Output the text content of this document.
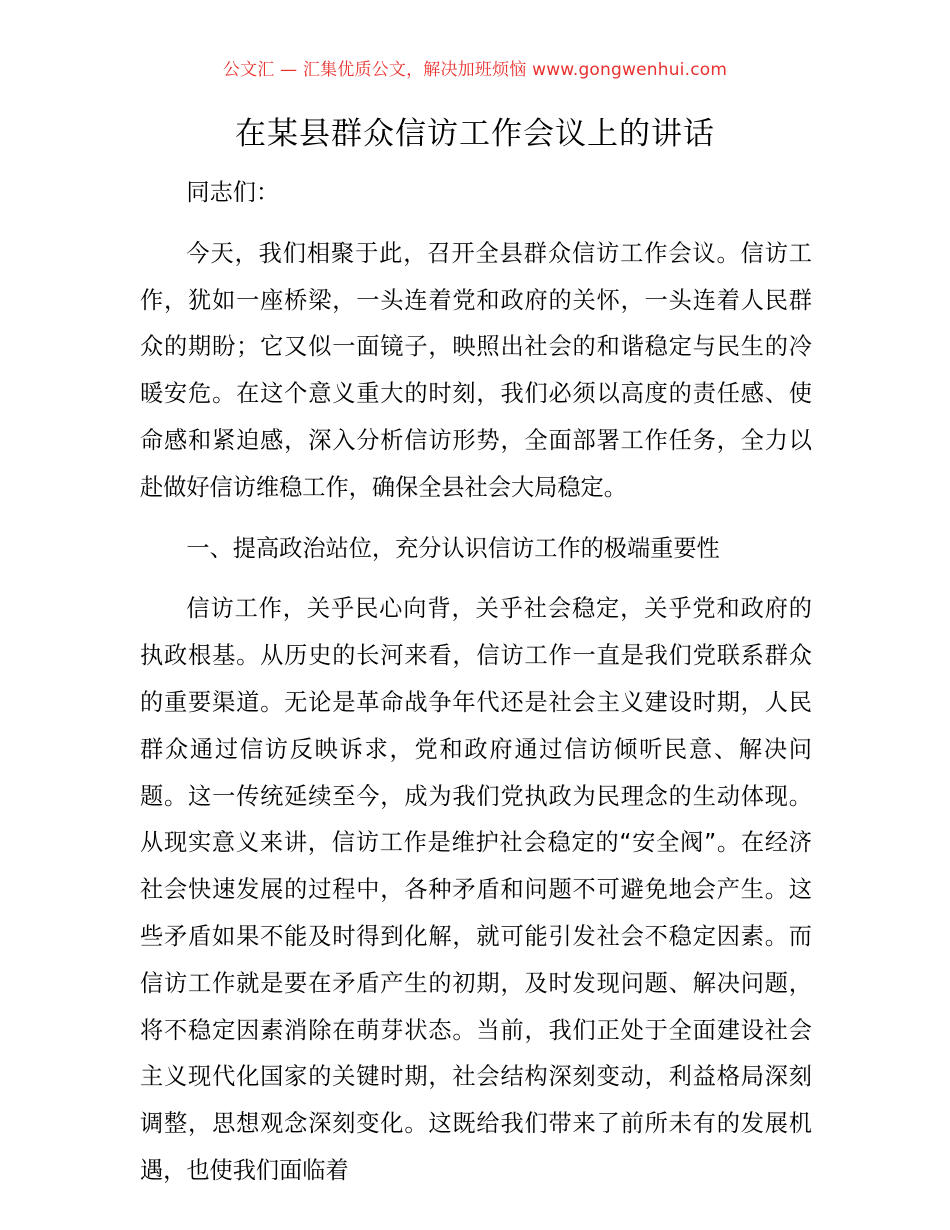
公文汇 — 汇集优质公文，解决加班烦恼 www.gongwenhui.com
在某县群众信访工作会议上的讲话

同志们：

今天，我们相聚于此，召开全县群众信访工作会议。信访工作，犹如一座桥梁，一头连着党和政府的关怀，一头连着人民群众的期盼；它又似一面镜子，映照出社会的和谐稳定与民生的冷暖安危。在这个意义重大的时刻，我们必须以高度的责任感、使命感和紧迫感，深入分析信访形势，全面部署工作任务，全力以赴做好信访维稳工作，确保全县社会大局稳定。

一、提高政治站位，充分认识信访工作的极端重要性

信访工作，关乎民心向背，关乎社会稳定，关乎党和政府的执政根基。从历史的长河来看，信访工作一直是我们党联系群众的重要渠道。无论是革命战争年代还是社会主义建设时期，人民群众通过信访反映诉求，党和政府通过信访倾听民意、解决问题。这一传统延续至今，成为我们党执政为民理念的生动体现。从现实意义来讲，信访工作是维护社会稳定的“安全阀”。在经济社会快速发展的过程中，各种矛盾和问题不可避免地会产生。这些矛盾如果不能及时得到化解，就可能引发社会不稳定因素。而信访工作就是要在矛盾产生的初期，及时发现问题、解决问题，将不稳定因素消除在萌芽状态。当前，我们正处于全面建设社会主义现代化国家的关键时期，社会结构深刻变动，利益格局深刻调整，思想观念深刻变化。这既给我们带来了前所未有的发展机遇，也使我们面临着
